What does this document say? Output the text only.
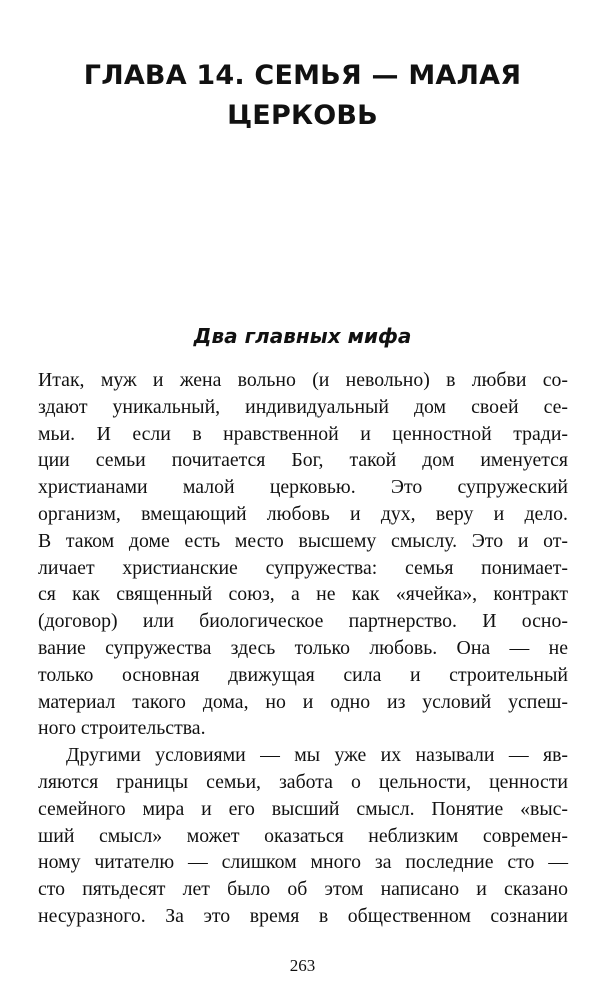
ГЛАВА 14. СЕМЬЯ — МАЛАЯ
ЦЕРКОВЬ
Два главных мифа
Итак, муж и жена вольно (и невольно) в любви со-
здают уникальный, индивидуальный дом своей се-
мьи. И если в нравственной и ценностной тради-
ции семьи почитается Бог, такой дом именуется
христианами малой церковью. Это супружеский
организм, вмещающий любовь и дух, веру и дело.
В таком доме есть место высшему смыслу. Это и от-
личает христианские супружества: семья понимает-
ся как священный союз, а не как «ячейка», контракт
(договор) или биологическое партнерство. И осно-
вание супружества здесь только любовь. Она — не
только основная движущая сила и строительный
материал такого дома, но и одно из условий успеш-
ного строительства.
Другими условиями — мы уже их называли — яв-
ляются границы семьи, забота о цельности, ценности
семейного мира и его высший смысл. Понятие «выс-
ший смысл» может оказаться неблизким современ-
ному читателю — слишком много за последние сто —
сто пятьдесят лет было об этом написано и сказано
несуразного. За это время в общественном сознании
263
